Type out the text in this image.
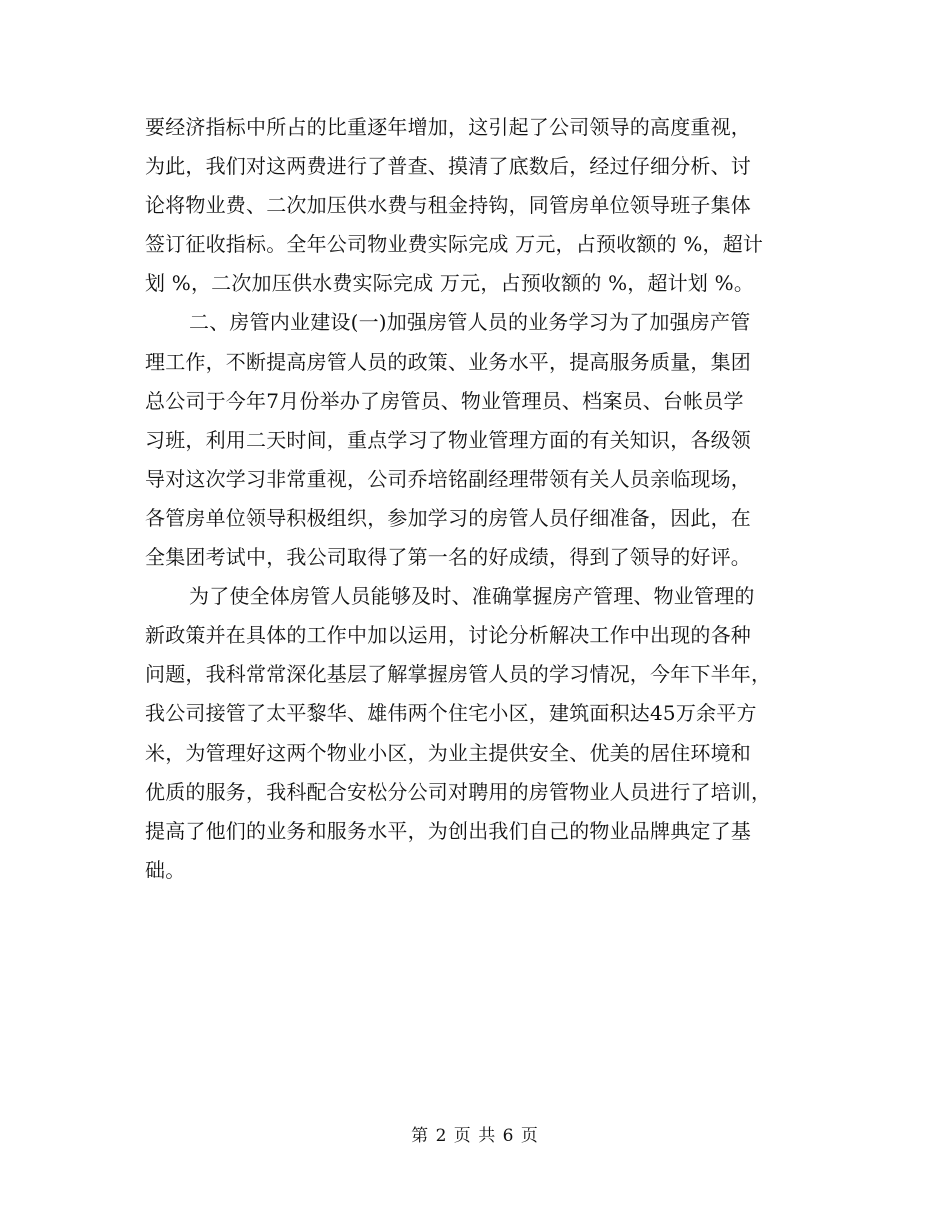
要经济指标中所占的比重逐年增加，这引起了公司领导的高度重视，
为此，我们对这两费进行了普查、摸清了底数后，经过仔细分析、讨
论将物业费、二次加压供水费与租金持钩，同管房单位领导班子集体
签订征收指标。全年公司物业费实际完成 万元，占预收额的 %，超计
划 %，二次加压供水费实际完成 万元，占预收额的 %，超计划 %。
二、房管内业建设(一)加强房管人员的业务学习为了加强房产管
理工作，不断提高房管人员的政策、业务水平，提高服务质量，集团
总公司于今年7月份举办了房管员、物业管理员、档案员、台帐员学
习班，利用二天时间，重点学习了物业管理方面的有关知识，各级领
导对这次学习非常重视，公司乔培铭副经理带领有关人员亲临现场，
各管房单位领导积极组织，参加学习的房管人员仔细准备，因此，在
全集团考试中，我公司取得了第一名的好成绩，得到了领导的好评。
为了使全体房管人员能够及时、准确掌握房产管理、物业管理的
新政策并在具体的工作中加以运用，讨论分析解决工作中出现的各种
问题，我科常常深化基层了解掌握房管人员的学习情况，今年下半年，
我公司接管了太平黎华、雄伟两个住宅小区，建筑面积达45万余平方
米，为管理好这两个物业小区，为业主提供安全、优美的居住环境和
优质的服务，我科配合安松分公司对聘用的房管物业人员进行了培训，
提高了他们的业务和服务水平，为创出我们自己的物业品牌典定了基
础。
第 2 页 共 6 页
